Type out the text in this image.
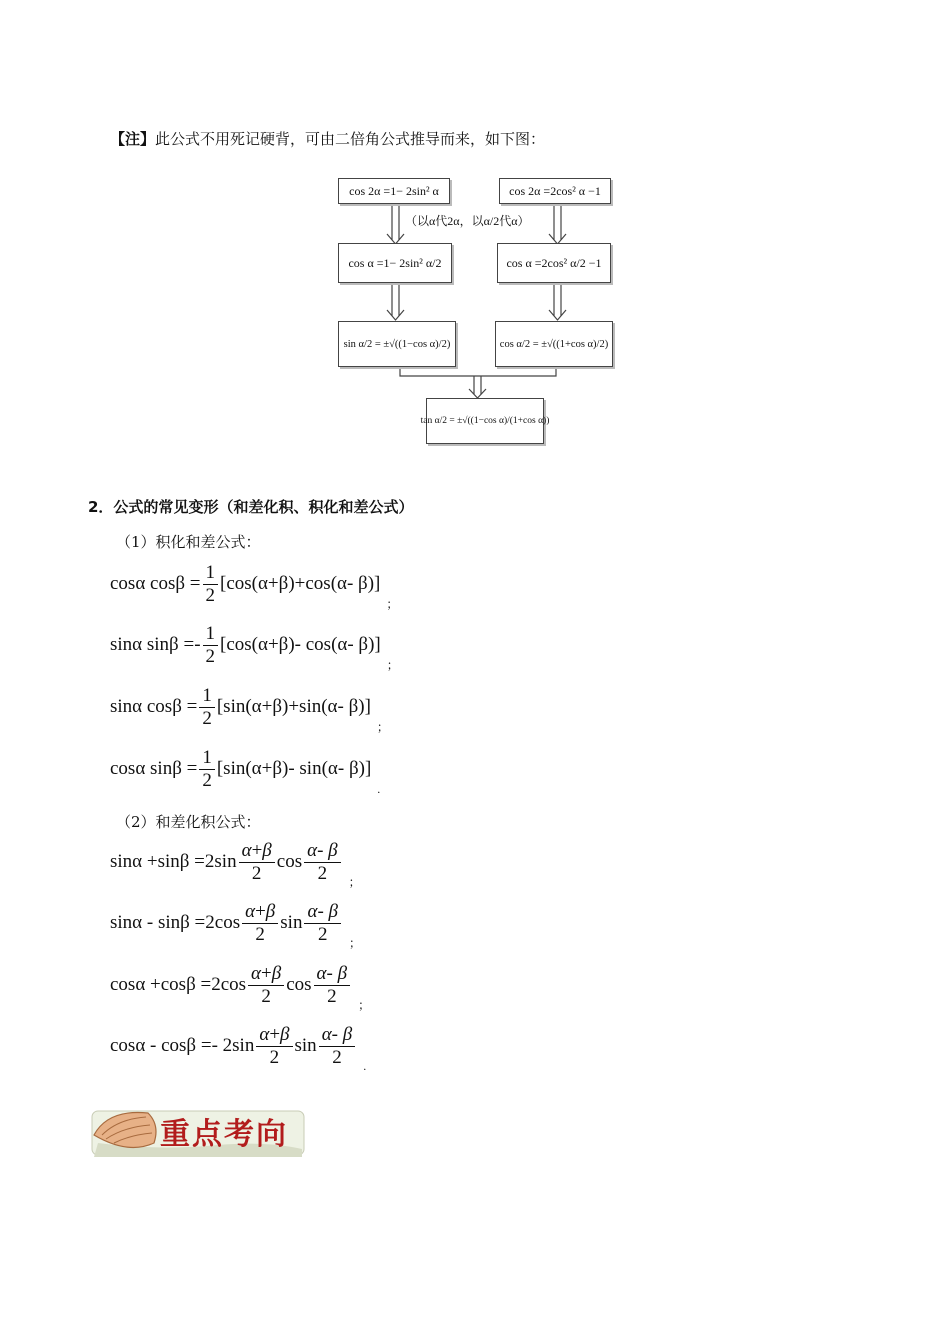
【注】此公式不用死记硬背，可由二倍角公式推导而来，如下图：
cos 2α =1− 2sin² α	cos 2α =2cos² α −1
（以α代2α，以α/2代α）
cos α =1− 2sin² α/2	cos α =2cos² α/2 −1
sin α/2 = ±√((1−cos α)/2)	cos α/2 = ±√((1+cos α)/2)
tan α/2 = ±√((1−cos α)/(1+cos α))
2．公式的常见变形（和差化积、积化和差公式）
（1）积化和差公式：
cosα $\cos\beta = \frac{1}{2} [\cos(\alpha+\beta)+\cos(\alpha-$ β)]
；
sinα sinβ = - $\frac{1}{2} [\cos(\alpha+\beta)-$ cos(α- β)]
；
sinα $\cos\beta = \frac{1}{2} [\sin(\alpha+\beta)+\sin(\alpha-$ β)]
；
cosα $\sin\beta = \frac{1}{2} [\sin(\alpha+\beta)-$ sin(α- β)]
.
（2）和差化积公式：
$\sin\alpha +\sin\beta = 2\sin \frac{\alpha+\beta}{2}$ $\cos \frac{\alpha- \beta}{2}$ ；
$\sin\alpha - \sin\beta = 2\cos \frac{\alpha+\beta}{2}$ $\sin \frac{\alpha- \beta}{2}$ ；
$\cos\alpha +\cos\beta = 2\cos \frac{\alpha+\beta}{2}$ $\cos \frac{\alpha- \beta}{2}$ ；
cosα - cosβ = - $2\sin \frac{\alpha+\beta}{2}$ $\sin \frac{\alpha- \beta}{2}$ .
重点考向
